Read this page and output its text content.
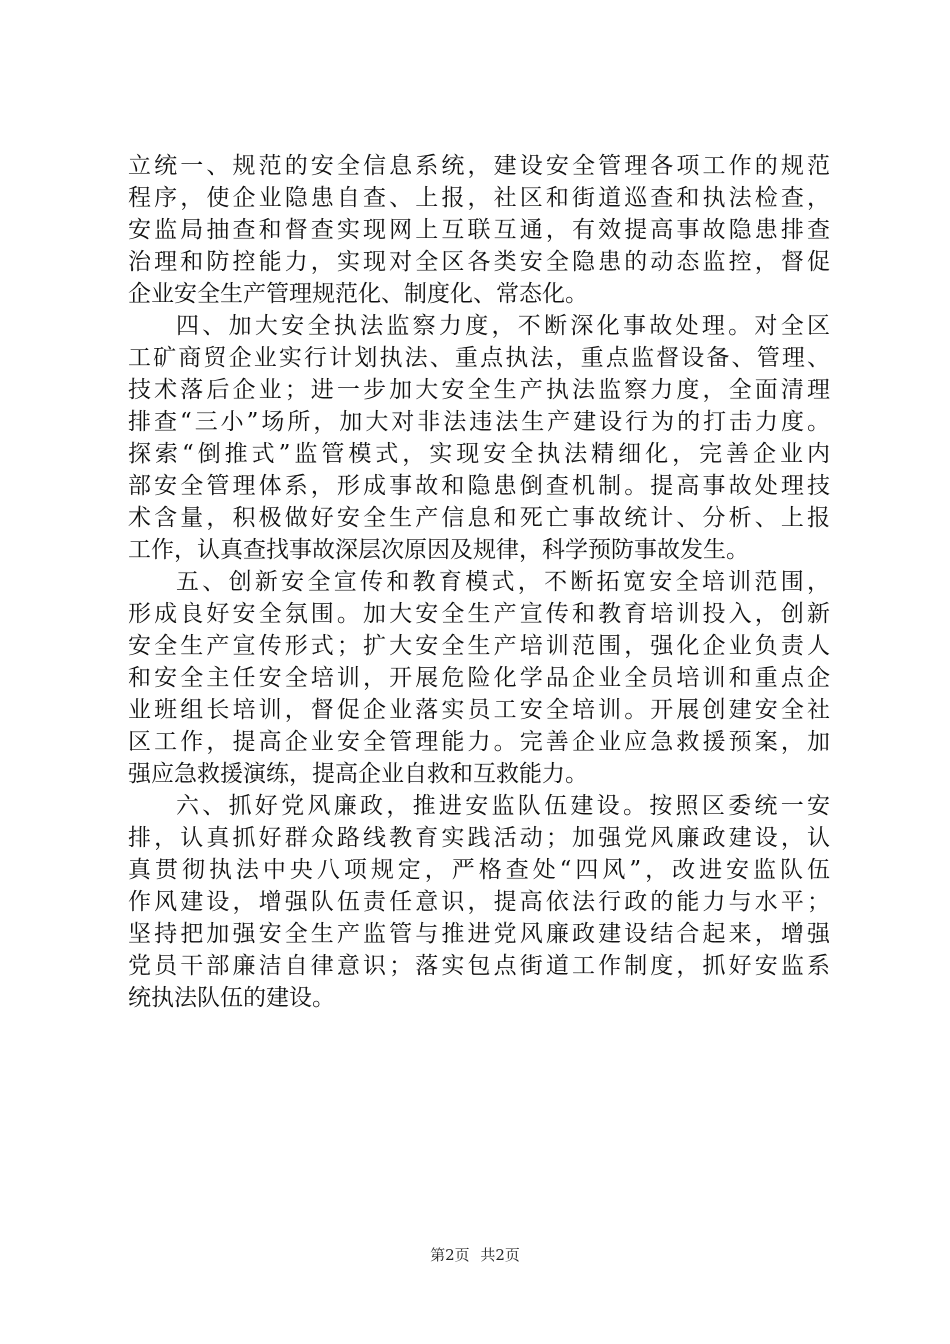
立统一、规范的安全信息系统，建设安全管理各项工作的规范
程序，使企业隐患自查、上报，社区和街道巡查和执法检查，
安监局抽查和督查实现网上互联互通，有效提高事故隐患排查
治理和防控能力，实现对全区各类安全隐患的动态监控，督促
企业安全生产管理规范化、制度化、常态化。
四、加大安全执法监察力度，不断深化事故处理。对全区
工矿商贸企业实行计划执法、重点执法，重点监督设备、管理、
技术落后企业；进一步加大安全生产执法监察力度，全面清理
排查“三小”场所，加大对非法违法生产建设行为的打击力度。
探索“倒推式”监管模式，实现安全执法精细化，完善企业内
部安全管理体系，形成事故和隐患倒查机制。提高事故处理技
术含量，积极做好安全生产信息和死亡事故统计、分析、上报
工作，认真查找事故深层次原因及规律，科学预防事故发生。
五、创新安全宣传和教育模式，不断拓宽安全培训范围，
形成良好安全氛围。加大安全生产宣传和教育培训投入，创新
安全生产宣传形式；扩大安全生产培训范围，强化企业负责人
和安全主任安全培训，开展危险化学品企业全员培训和重点企
业班组长培训，督促企业落实员工安全培训。开展创建安全社
区工作，提高企业安全管理能力。完善企业应急救援预案，加
强应急救援演练，提高企业自救和互救能力。
六、抓好党风廉政，推进安监队伍建设。按照区委统一安
排，认真抓好群众路线教育实践活动；加强党风廉政建设，认
真贯彻执法中央八项规定，严格查处“四风”，改进安监队伍
作风建设，增强队伍责任意识，提高依法行政的能力与水平；
坚持把加强安全生产监管与推进党风廉政建设结合起来，增强
党员干部廉洁自律意识；落实包点街道工作制度，抓好安监系
统执法队伍的建设。
第2页 共2页
